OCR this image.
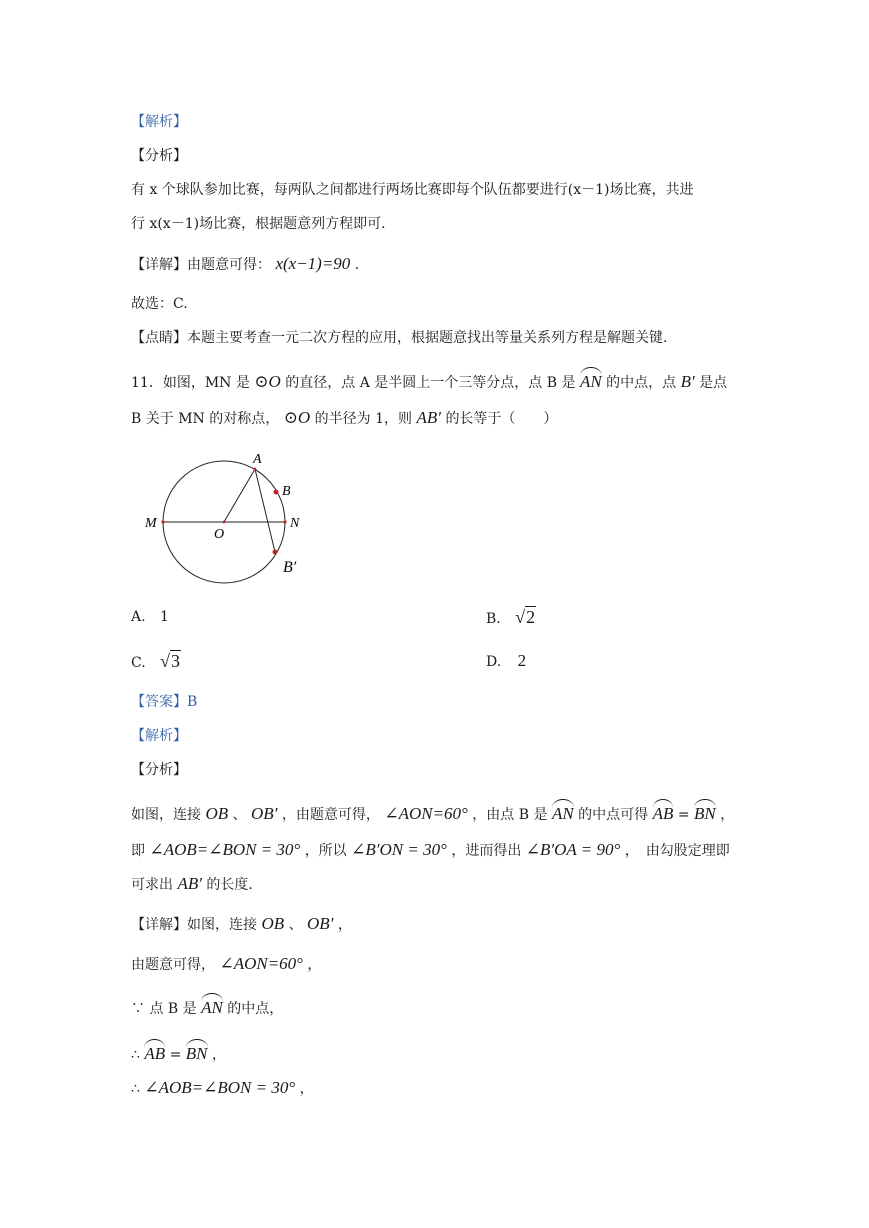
【解析】
【分析】
有 x 个球队参加比赛，每两队之间都进行两场比赛即每个队伍都要进行(x－1)场比赛，共进
行 x(x－1)场比赛，根据题意列方程即可.
【详解】由题意可得： x(x−1)=90 .
故选：C.
【点睛】本题主要考查一元二次方程的应用，根据题意找出等量关系列方程是解题关键.
11．如图，MN 是 ⊙O 的直径，点 A 是半圆上一个三等分点，点 B 是 AN 的中点，点 B′ 是点
B 关于 MN 的对称点， ⊙O 的半径为 1，则 AB′ 的长等于（　　）
A
B
M	N
O
B′
A. 1	B. √2
C. √3	D. 2
【答案】B
【解析】
【分析】
如图，连接 OB 、 OB′ ，由题意可得， ∠AON=60° ，由点 B 是 AN 的中点可得 AB = BN ，
即 ∠AOB=∠BON = 30° ，所以 ∠B′ON = 30° ，进而得出 ∠B′OA = 90° ，　由勾股定理即
可求出 AB′ 的长度.
【详解】如图，连接 OB 、 OB′ ，
由题意可得， ∠AON=60° ，
∵ 点 B 是 AN 的中点，
∴ AB = BN ，
∴ ∠AOB=∠BON = 30° ，
